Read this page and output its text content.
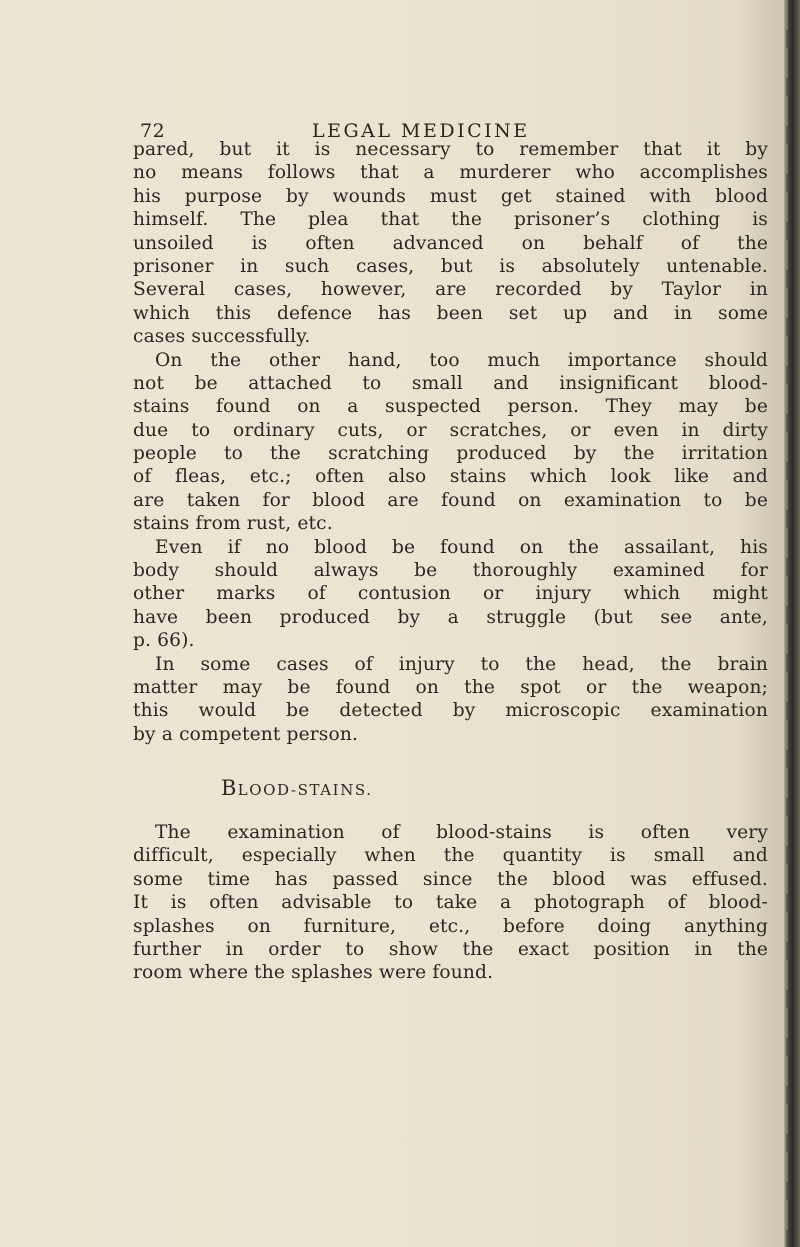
72	LEGAL MEDICINE
pared, but it is necessary to remember that it by
no means follows that a murderer who accomplishes
his purpose by wounds must get stained with blood
himself. The plea that the prisoner’s clothing is
unsoiled is often advanced on behalf of the
prisoner in such cases, but is absolutely untenable.
Several cases, however, are recorded by Taylor in
which this defence has been set up and in some
cases successfully.
On the other hand, too much importance should
not be attached to small and insignificant blood-
stains found on a suspected person. They may be
due to ordinary cuts, or scratches, or even in dirty
people to the scratching produced by the irritation
of fleas, etc.; often also stains which look like and
are taken for blood are found on examination to be
stains from rust, etc.
Even if no blood be found on the assailant, his
body should always be thoroughly examined for
other marks of contusion or injury which might
have been produced by a struggle (but see ante,
p. 66).
In some cases of injury to the head, the brain
matter may be found on the spot or the weapon;
this would be detected by microscopic examination
by a competent person.
BLOOD-STAINS.
The examination of blood-stains is often very
difficult, especially when the quantity is small and
some time has passed since the blood was effused.
It is often advisable to take a photograph of blood-
splashes on furniture, etc., before doing anything
further in order to show the exact position in the
room where the splashes were found.
